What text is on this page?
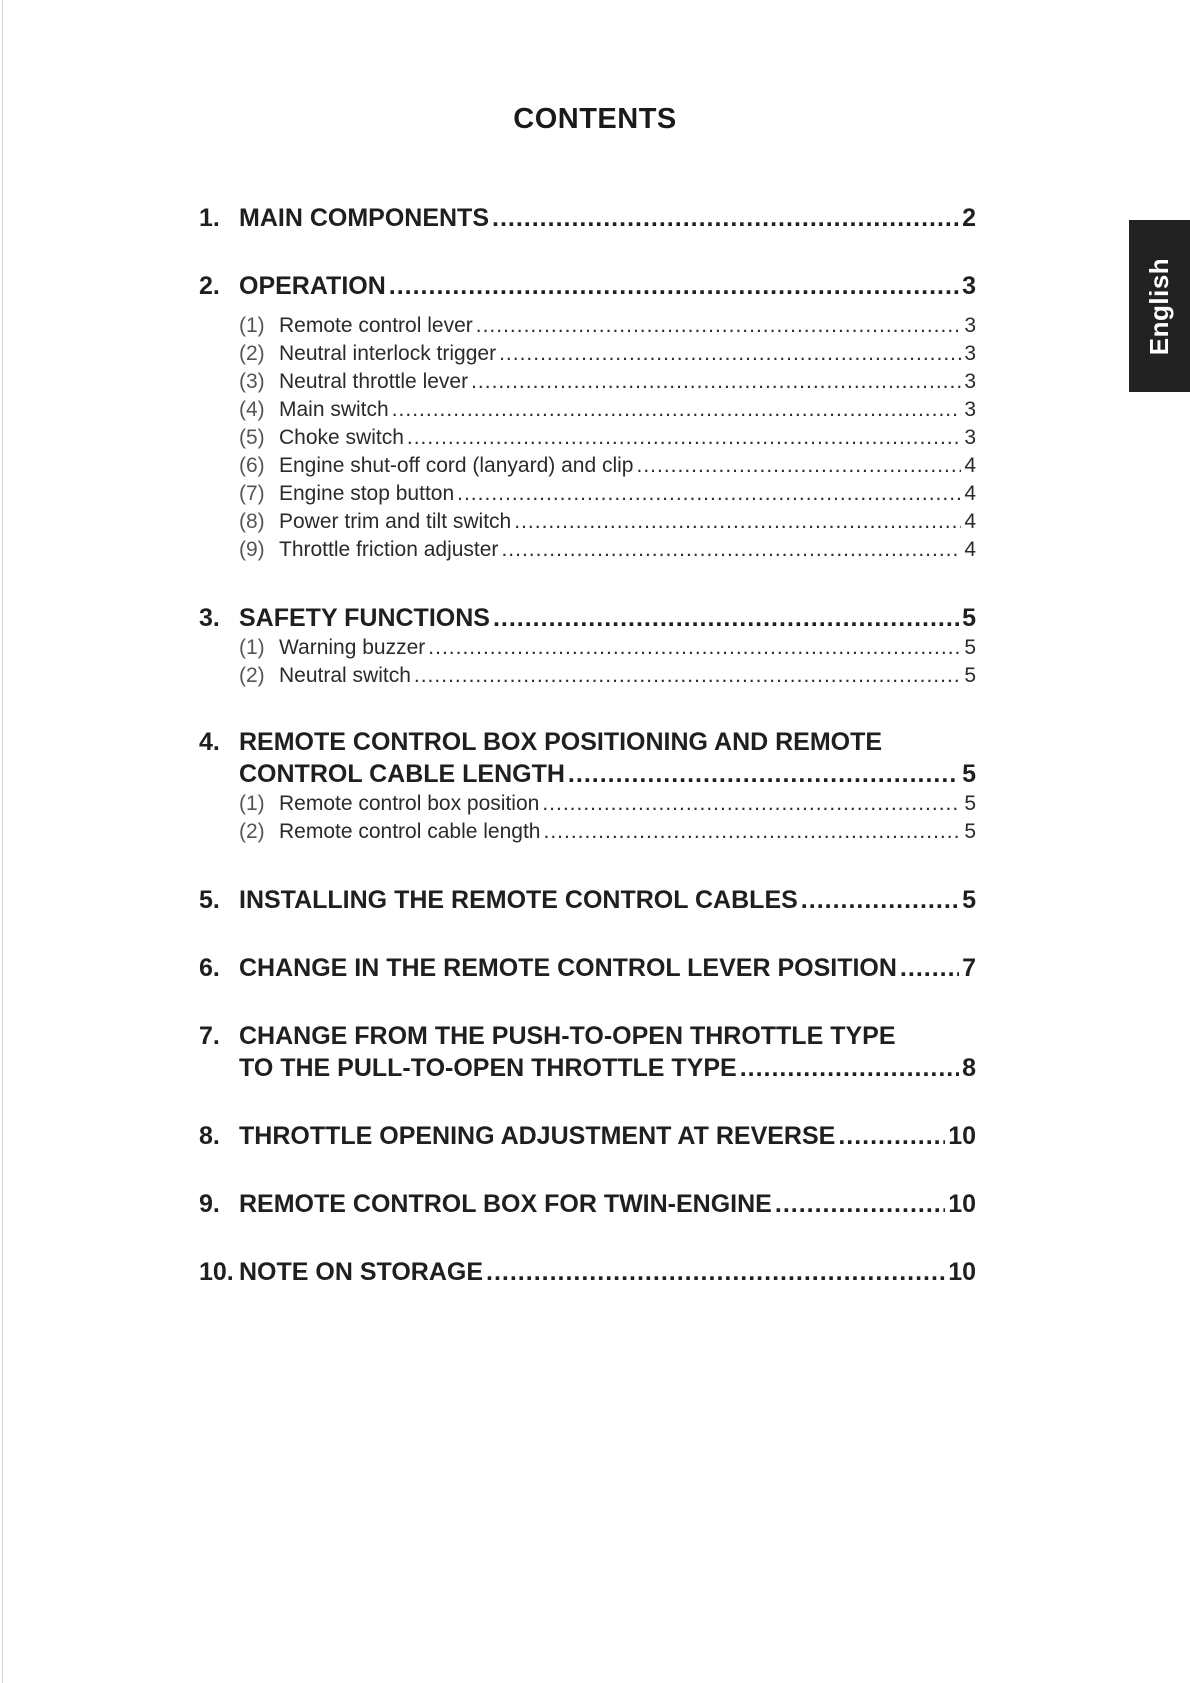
CONTENTS
English
1. MAIN COMPONENTS .....	2
2. OPERATION .....	3
(1) Remote control lever .....	3
(2) Neutral interlock trigger .....	3
(3) Neutral throttle lever .....	3
(4) Main switch .....	3
(5) Choke switch .....	3
(6) Engine shut-off cord (lanyard) and clip .....	4
(7) Engine stop button .....	4
(8) Power trim and tilt switch .....	4
(9) Throttle friction adjuster .....	4
3. SAFETY FUNCTIONS .....	5
(1) Warning buzzer .....	5
(2) Neutral switch .....	5
4. REMOTE CONTROL BOX POSITIONING AND REMOTE
CONTROL CABLE LENGTH .....	5
(1) Remote control box position .....	5
(2) Remote control cable length .....	5
5. INSTALLING THE REMOTE CONTROL CABLES .....	5
6. CHANGE IN THE REMOTE CONTROL LEVER POSITION .....	7
7. CHANGE FROM THE PUSH-TO-OPEN THROTTLE TYPE
TO THE PULL-TO-OPEN THROTTLE TYPE .....	8
8. THROTTLE OPENING ADJUSTMENT AT REVERSE .....	10
9. REMOTE CONTROL BOX FOR TWIN-ENGINE .....	10
10. NOTE ON STORAGE .....	10
